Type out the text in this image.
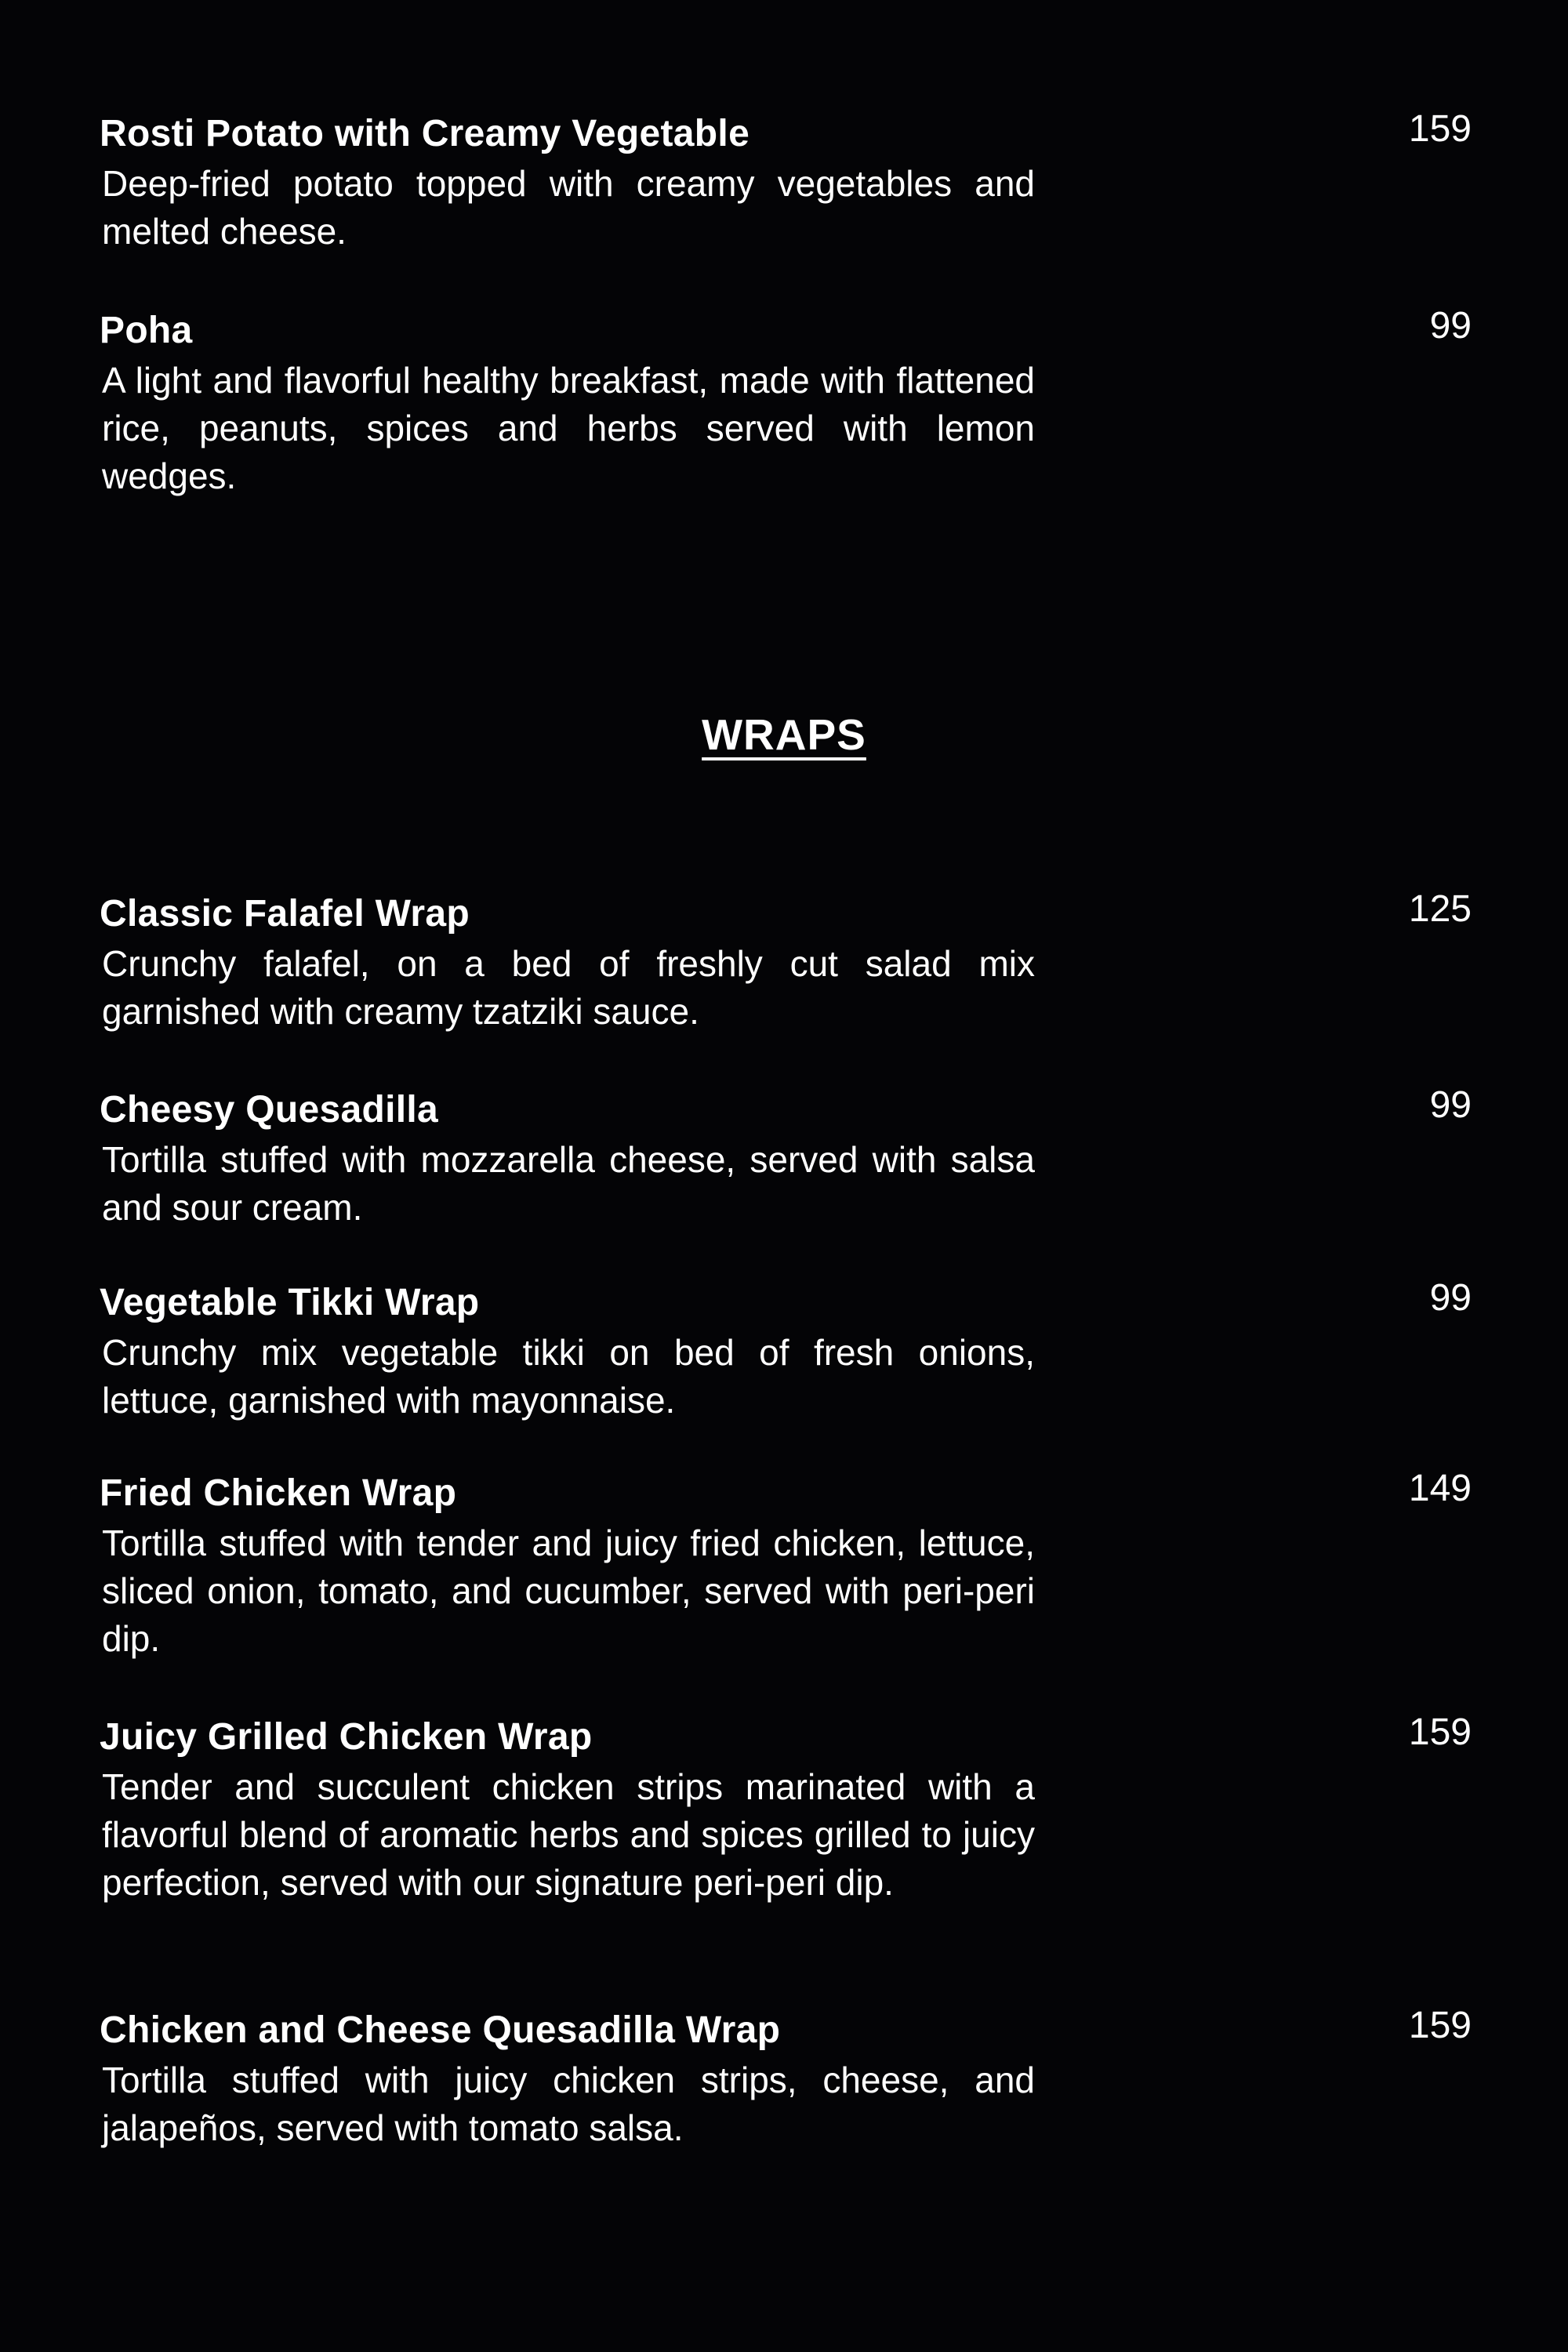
Rosti Potato with Creamy Vegetable	159
Deep-fried potato topped with creamy vegetables and melted cheese.
Poha	99
A light and flavorful healthy breakfast, made with flattened rice, peanuts, spices and herbs served with lemon wedges.
WRAPS
Classic Falafel Wrap	125
Crunchy falafel, on a bed of freshly cut salad mix garnished with creamy tzatziki sauce.
Cheesy Quesadilla	99
Tortilla stuffed with mozzarella cheese, served with salsa and sour cream.
Vegetable Tikki Wrap	99
Crunchy mix vegetable tikki on bed of fresh onions, lettuce, garnished with mayonnaise.
Fried Chicken Wrap	149
Tortilla stuffed with tender and juicy fried chicken, lettuce, sliced onion, tomato, and cucumber, served with peri-peri dip.
Juicy Grilled Chicken Wrap	159
Tender and succulent chicken strips marinated with a flavorful blend of aromatic herbs and spices grilled to juicy perfection, served with our signature peri-peri dip.
Chicken and Cheese Quesadilla Wrap	159
Tortilla stuffed with juicy chicken strips, cheese, and jalapeños, served with tomato salsa.
